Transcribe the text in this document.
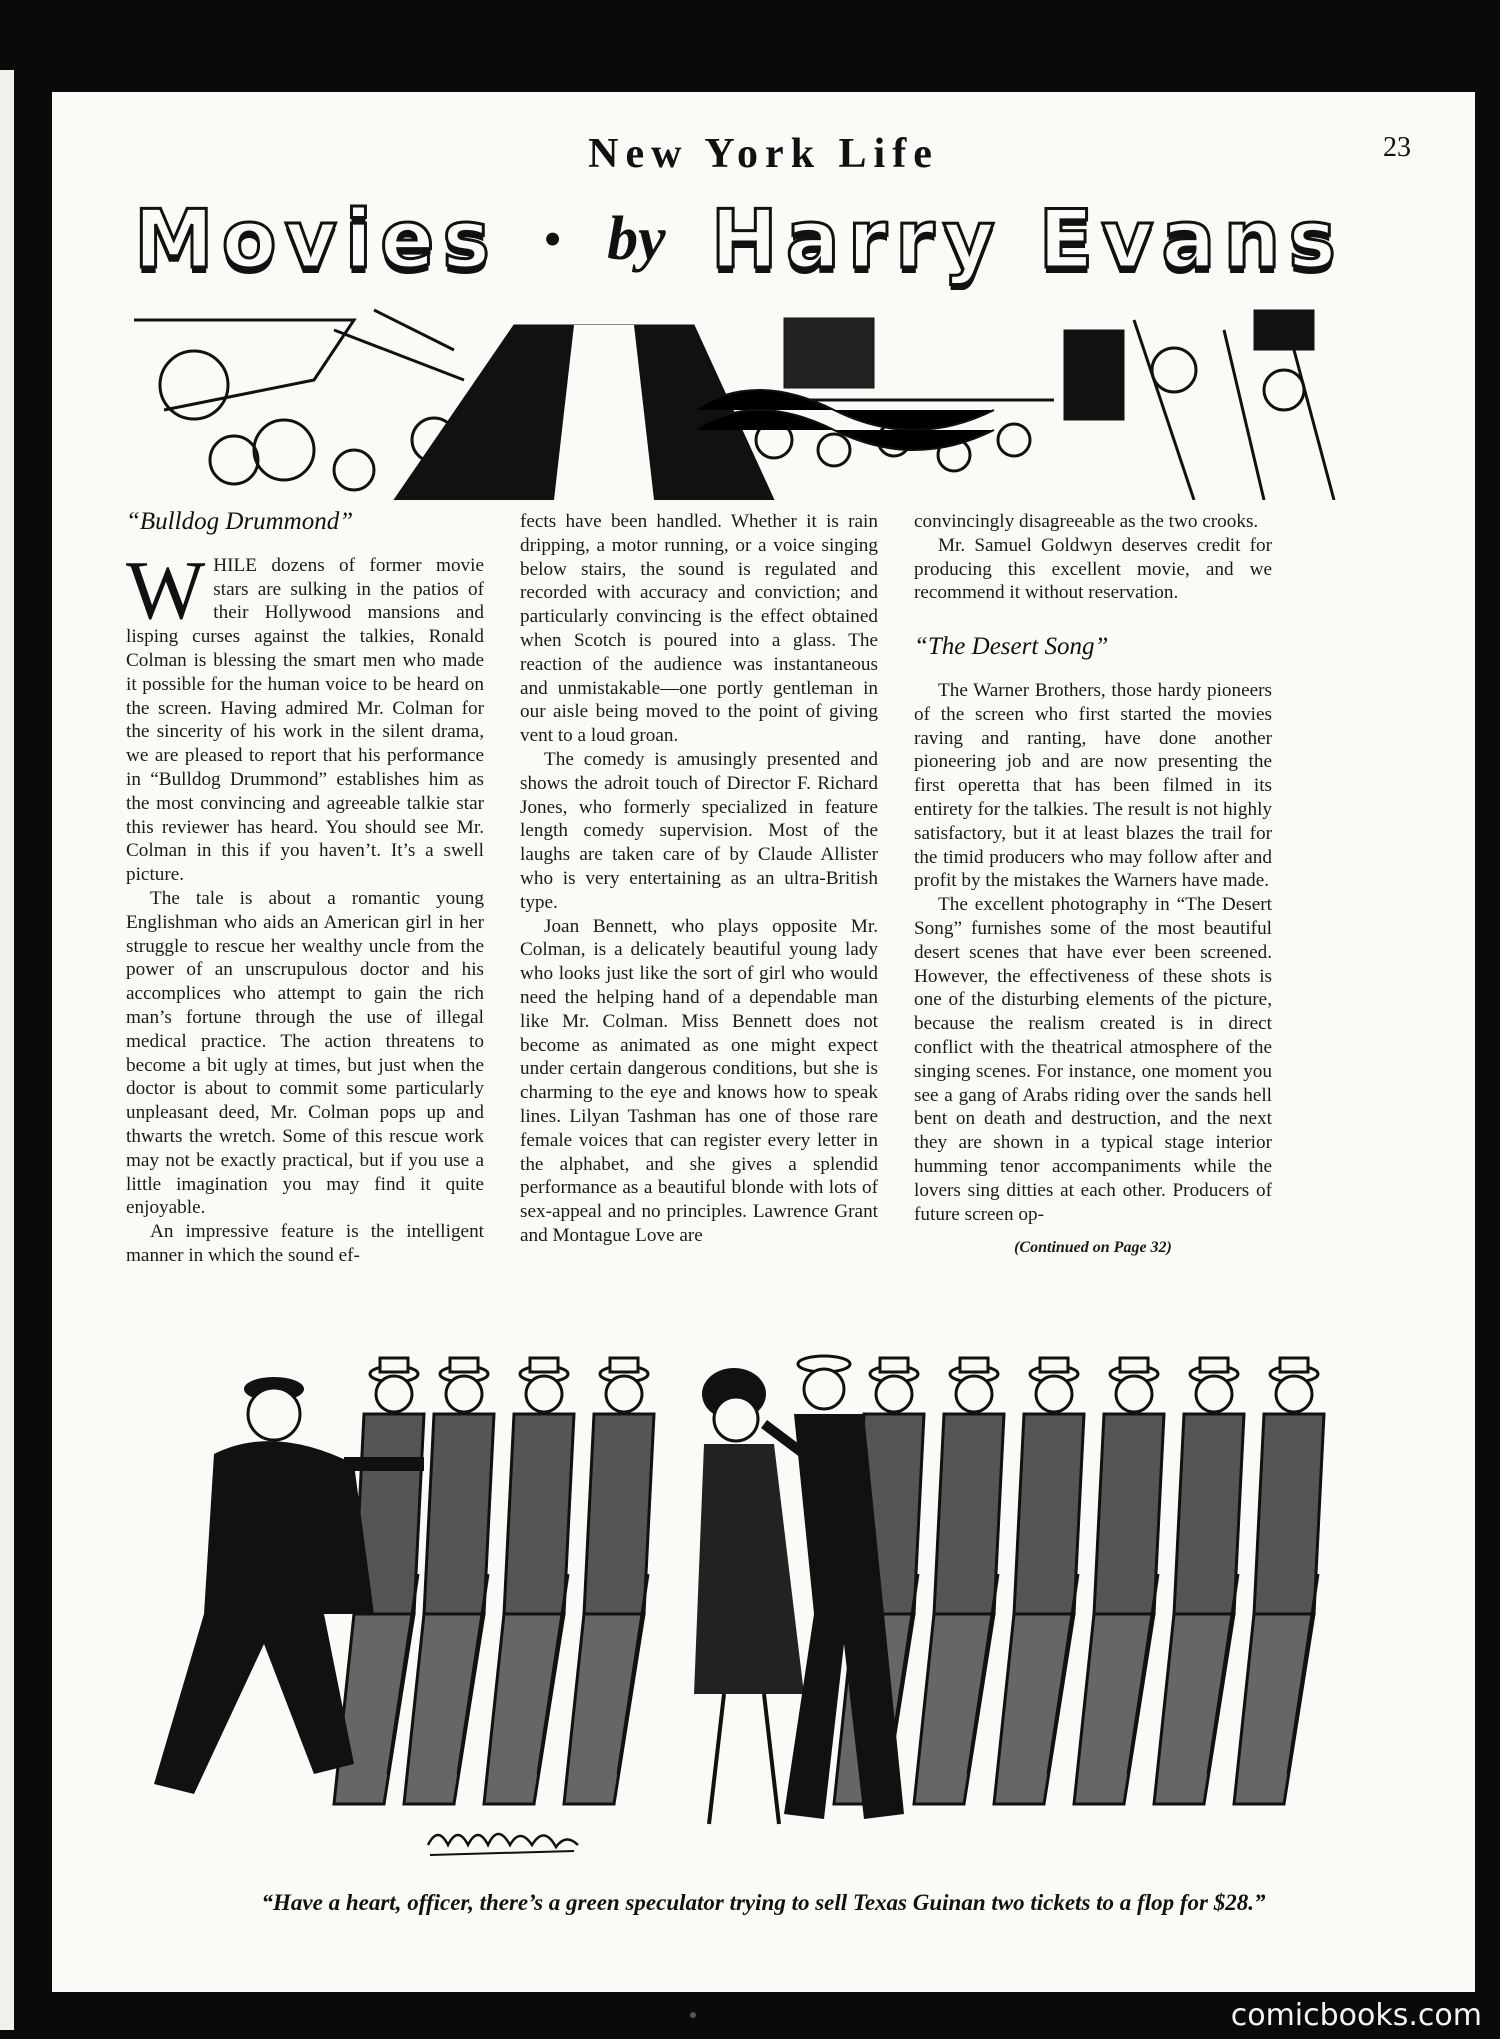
New York Life	23
Movies • by Harry Evans
“Bulldog Drummond”
W HILE dozens of former movie stars are sulking in the patios of their Hollywood mansions and lisping curses against the talkies, Ronald Colman is blessing the smart men who made it possible for the human voice to be heard on the screen. Having admired Mr. Colman for the sincerity of his work in the silent drama, we are pleased to report that his performance in “Bulldog Drummond” establishes him as the most convincing and agreeable talkie star this reviewer has heard. You should see Mr. Colman in this if you haven’t. It’s a swell picture.

The tale is about a romantic young Englishman who aids an American girl in her struggle to rescue her wealthy uncle from the power of an unscrupulous doctor and his accomplices who attempt to gain the rich man’s fortune through the use of illegal medical practice. The action threatens to become a bit ugly at times, but just when the doctor is about to commit some particularly unpleasant deed, Mr. Colman pops up and thwarts the wretch. Some of this rescue work may not be exactly practical, but if you use a little imagination you may find it quite enjoyable.

An impressive feature is the intelligent manner in which the sound ef-

fects have been handled. Whether it is rain dripping, a motor running, or a voice singing below stairs, the sound is regulated and recorded with accuracy and conviction; and particularly convincing is the effect obtained when Scotch is poured into a glass. The reaction of the audience was instantaneous and unmistakable—one portly gentleman in our aisle being moved to the point of giving vent to a loud groan.

The comedy is amusingly presented and shows the adroit touch of Director F. Richard Jones, who formerly specialized in feature length comedy supervision. Most of the laughs are taken care of by Claude Allister who is very entertaining as an ultra-British type.

Joan Bennett, who plays opposite Mr. Colman, is a delicately beautiful young lady who looks just like the sort of girl who would need the helping hand of a dependable man like Mr. Colman. Miss Bennett does not become as animated as one might expect under certain dangerous conditions, but she is charming to the eye and knows how to speak lines. Lilyan Tashman has one of those rare female voices that can register every letter in the alphabet, and she gives a splendid performance as a beautiful blonde with lots of sex-appeal and no principles. Lawrence Grant and Montague Love are

convincingly disagreeable as the two crooks.

Mr. Samuel Goldwyn deserves credit for producing this excellent movie, and we recommend it without reservation.

“The Desert Song”

The Warner Brothers, those hardy pioneers of the screen who first started the movies raving and ranting, have done another pioneering job and are now presenting the first operetta that has been filmed in its entirety for the talkies. The result is not highly satisfactory, but it at least blazes the trail for the timid producers who may follow after and profit by the mistakes the Warners have made.

The excellent photography in “The Desert Song” furnishes some of the most beautiful desert scenes that have ever been screened. However, the effectiveness of these shots is one of the disturbing elements of the picture, because the realism created is in direct conflict with the theatrical atmosphere of the singing scenes. For instance, one moment you see a gang of Arabs riding over the sands hell bent on death and destruction, and the next they are shown in a typical stage interior humming tenor accompaniments while the lovers sing ditties at each other. Producers of future screen op-

(Continued on Page 32)
“Have a heart, officer, there’s a green speculator trying to sell Texas Guinan two tickets to a flop for $28.”
comicbooks.com
